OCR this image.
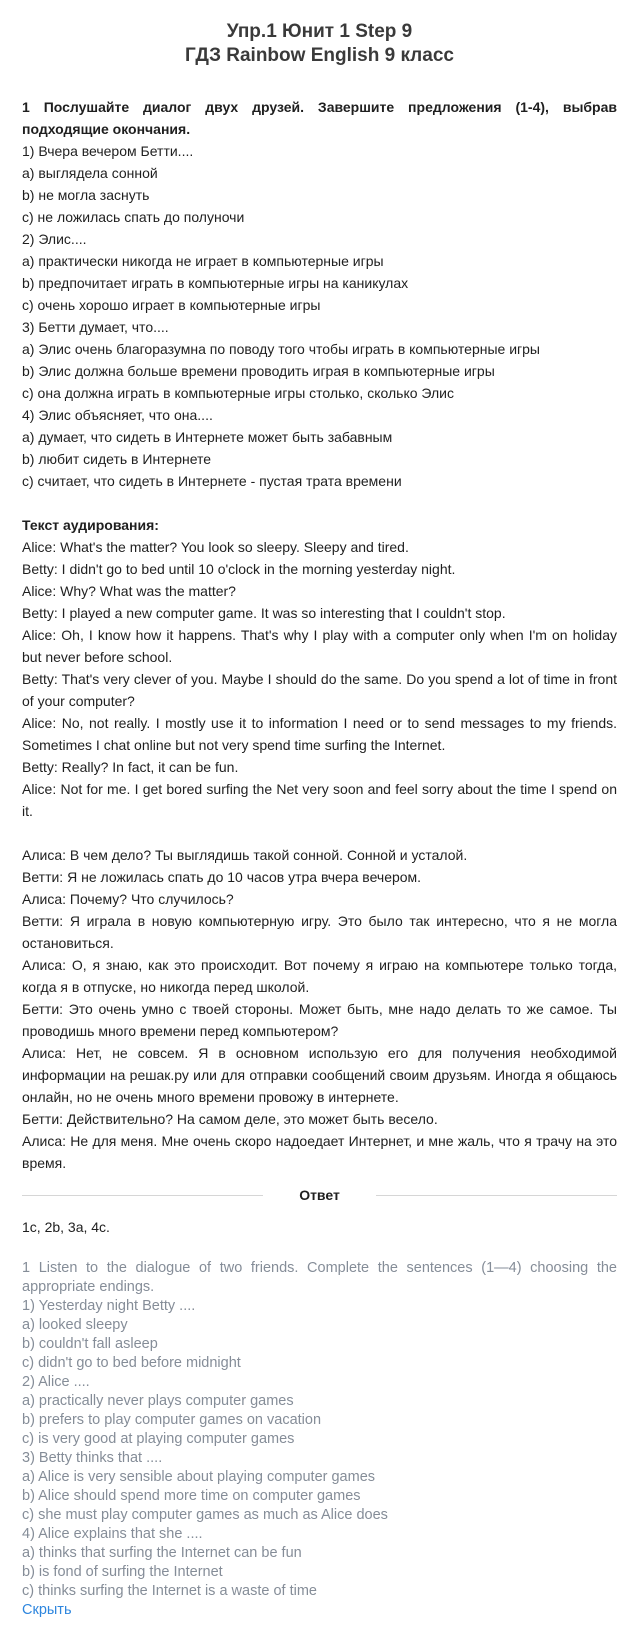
Упр.1 Юнит 1 Step 9
ГДЗ Rainbow English 9 класс

1 Послушайте диалог двух друзей. Завершите предложения (1-4), выбрав подходящие окончания.

1) Вчера вечером Бетти....

a) выглядела сонной

b) не могла заснуть

c) не ложилась спать до полуночи

2) Элис....

a) практически никогда не играет в компьютерные игры

b) предпочитает играть в компьютерные игры на каникулах

c) очень хорошо играет в компьютерные игры

3) Бетти думает, что....

a) Элис очень благоразумна по поводу того чтобы играть в компьютерные игры

b) Элис должна больше времени проводить играя в компьютерные игры

c) она должна играть в компьютерные игры столько, сколько Элис

4) Элис объясняет, что она....

a) думает, что сидеть в Интернете может быть забавным

b) любит сидеть в Интернете

c) считает, что сидеть в Интернете - пустая трата времени

Текст аудирования:

Alice: What's the matter? You look so sleepy. Sleepy and tired.

Betty: I didn't go to bed until 10 o'clock in the morning yesterday night.

Alice: Why? What was the matter?

Betty: I played a new computer game. It was so interesting that I couldn't stop.

Alice: Oh, I know how it happens. That's why I play with a computer only when I'm on holiday but never before school.

Betty: That's very clever of you. Maybe I should do the same. Do you spend a lot of time in front of your computer?

Alice: No, not really. I mostly use it to information I need or to send messages to my friends. Sometimes I chat online but not very spend time surfing the Internet.

Betty: Really? In fact, it can be fun.

Alice: Not for me. I get bored surfing the Net very soon and feel sorry about the time I spend on it.

Алиса: В чем дело? Ты выглядишь такой сонной. Сонной и усталой.

Ветти: Я не ложилась спать до 10 часов утра вчера вечером.

Алиса: Почему? Что случилось?

Ветти: Я играла в новую компьютерную игру. Это было так интересно, что я не могла остановиться.

Алиса: О, я знаю, как это происходит. Вот почему я играю на компьютере только тогда, когда я в отпуске, но никогда перед школой.

Бетти: Это очень умно с твоей стороны. Может быть, мне надо делать то же самое. Ты проводишь много времени перед компьютером?

Алиса: Нет, не совсем. Я в основном использую его для получения необходимой информации на решак.ру или для отправки сообщений своим друзьям. Иногда я общаюсь онлайн, но не очень много времени провожу в интернете.

Бетти: Действительно? На самом деле, это может быть весело.

Алиса: Не для меня. Мне очень скоро надоедает Интернет, и мне жаль, что я трачу на это время.

Ответ
1c, 2b, 3a, 4c.

1 Listen to the dialogue of two friends. Complete the sentences (1—4) choosing the appropriate endings.

1) Yesterday night Betty ....

a) looked sleepy

b) couldn't fall asleep

c) didn't go to bed before midnight

2) Alice ....

a) practically never plays computer games

b) prefers to play computer games on vacation

c) is very good at playing computer games

3) Betty thinks that ....

a) Alice is very sensible about playing computer games

b) Alice should spend more time on computer games

c) she must play computer games as much as Alice does

4) Alice explains that she ....

a) thinks that surfing the Internet can be fun

b) is fond of surfing the Internet

c) thinks surfing the Internet is a waste of time

Скрыть
